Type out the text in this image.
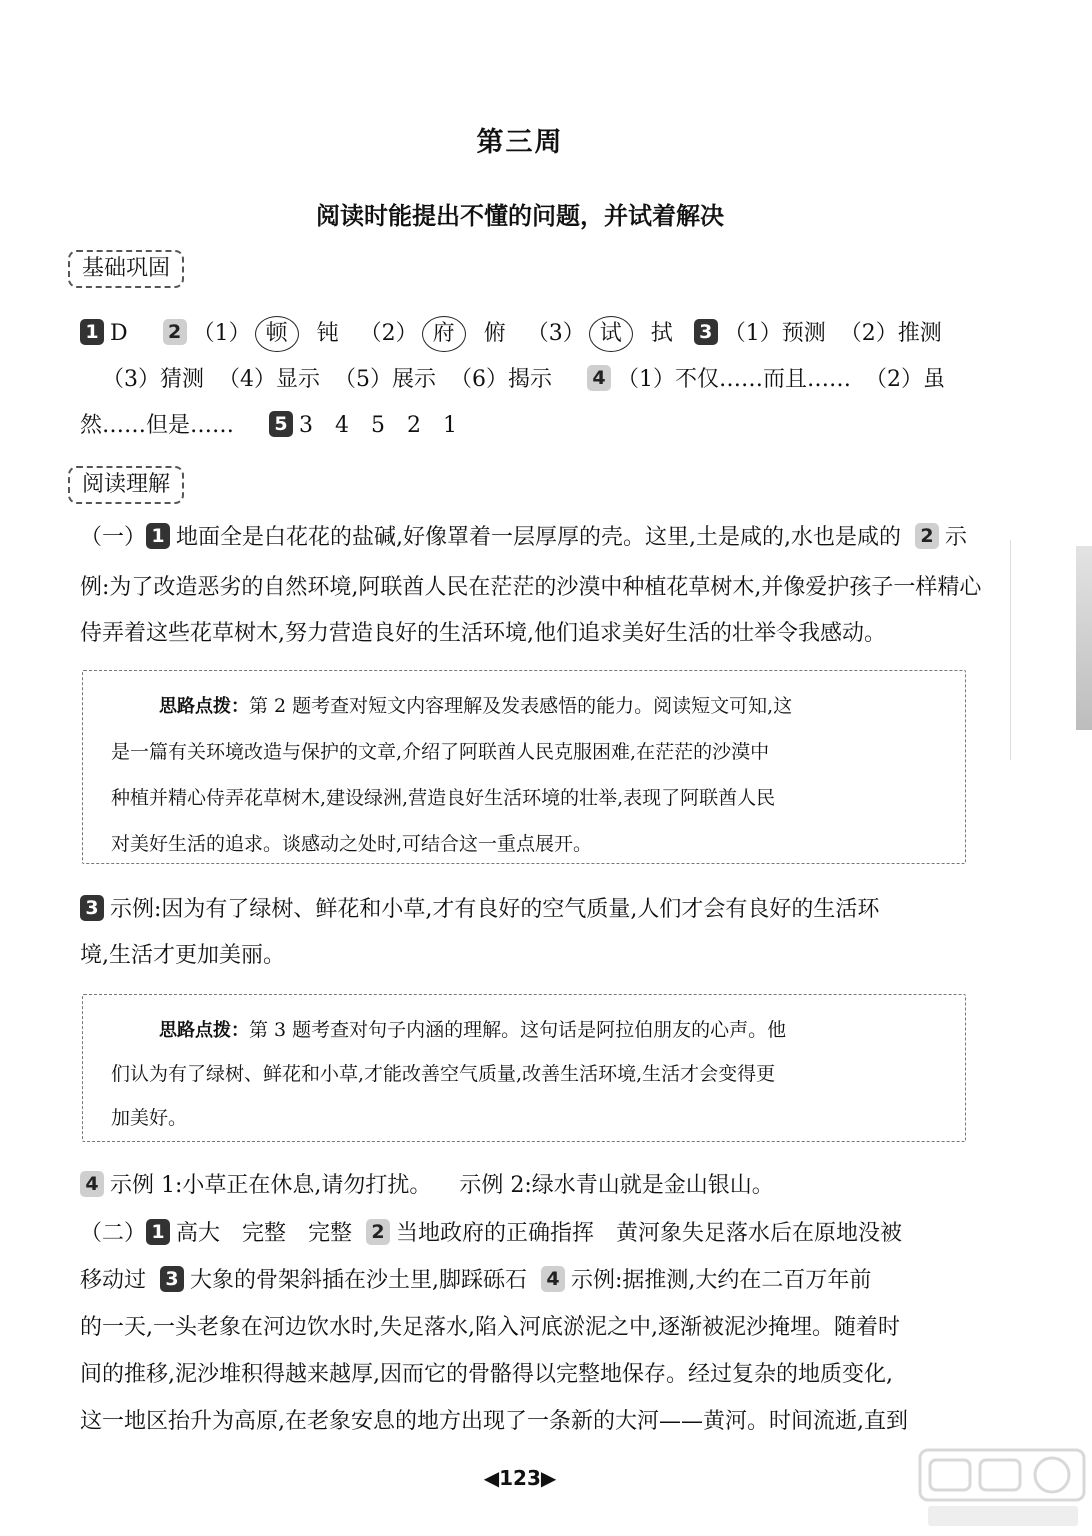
第三周
阅读时能提出不懂的问题，并试着解决
基础巩固
1 D 2 （1） 顿 钝 （2） 府 俯 （3） 试 拭 3 （1）预测 （2）推测
（3）猜测 （4）显示 （5）展示 （6）揭示 4 （1）不仅……而且…… （2）虽
然……但是…… 5 3　4　5　2　1
阅读理解
（一） 1 地面全是白花花的盐碱,好像罩着一层厚厚的壳。这里,土是咸的,水也是咸的 2 示
例:为了改造恶劣的自然环境,阿联酋人民在茫茫的沙漠中种植花草树木,并像爱护孩子一样精心
侍弄着这些花草树木,努力营造良好的生活环境,他们追求美好生活的壮举令我感动。
思路点拨：第 2 题考查对短文内容理解及发表感悟的能力。阅读短文可知,这
是一篇有关环境改造与保护的文章,介绍了阿联酋人民克服困难,在茫茫的沙漠中
种植并精心侍弄花草树木,建设绿洲,营造良好生活环境的壮举,表现了阿联酋人民
对美好生活的追求。谈感动之处时,可结合这一重点展开。
3 示例:因为有了绿树、鲜花和小草,才有良好的空气质量,人们才会有良好的生活环
境,生活才更加美丽。
思路点拨：第 3 题考查对句子内涵的理解。这句话是阿拉伯朋友的心声。他
们认为有了绿树、鲜花和小草,才能改善空气质量,改善生活环境,生活才会变得更
加美好。
4 示例 1:小草正在休息,请勿打扰。 示例 2:绿水青山就是金山银山。
（二） 1 高大　完整　完整 2 当地政府的正确指挥　黄河象失足落水后在原地没被
移动过 3 大象的骨架斜插在沙土里,脚踩砾石 4 示例:据推测,大约在二百万年前
的一天,一头老象在河边饮水时,失足落水,陷入河底淤泥之中,逐渐被泥沙掩埋。随着时
间的推移,泥沙堆积得越来越厚,因而它的骨骼得以完整地保存。经过复杂的地质变化,
这一地区抬升为高原,在老象安息的地方出现了一条新的大河——黄河。时间流逝,直到
◀123▶
